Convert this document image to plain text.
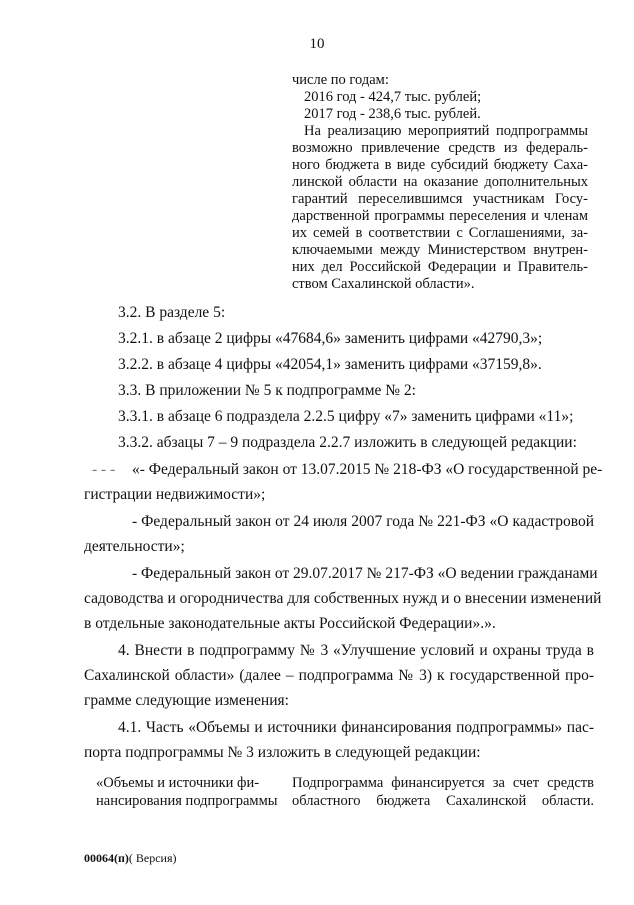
10

числе по годам:

2016 год - 424,7 тыс. рублей;

2017 год - 238,6 тыс. рублей.

На реализацию мероприятий подпрограммы

возможно привлечение средств из федераль-

ного бюджета в виде субсидий бюджету Саха-

линской области на оказание дополнительных

гарантий переселившимся участникам Госу-

дарственной программы переселения и членам

их семей в соответствии с Соглашениями, за-

ключаемыми между Министерством внутрен-

них дел Российской Федерации и Правитель-

ством Сахалинской области».

3.2. В разделе 5:
3.2.1. в абзаце 2 цифры «47684,6» заменить цифрами «42790,3»;
3.2.2. в абзаце 4 цифры «42054,1» заменить цифрами «37159,8».
3.3. В приложении № 5 к подпрограмме № 2:
3.3.1. в абзаце 6 подраздела 2.2.5 цифру «7» заменить цифрами «11»;
3.3.2. абзацы 7 – 9 подраздела 2.2.7 изложить в следующей редакции:
- - - «- Федеральный закон от 13.07.2015 № 218-ФЗ «О государственной ре-
гистрации недвижимости»;
- Федеральный закон от 24 июля 2007 года № 221-ФЗ «О кадастровой
деятельности»;
- Федеральный закон от 29.07.2017 № 217-ФЗ «О ведении гражданами
садоводства и огородничества для собственных нужд и о внесении изменений
в отдельные законодательные акты Российской Федерации».».
4. Внести в подпрограмму № 3 «Улучшение условий и охраны труда в
Сахалинской области» (далее – подпрограмма № 3) к государственной про-
грамме следующие изменения:
4.1. Часть «Объемы и источники финансирования подпрограммы» пас-
порта подпрограммы № 3 изложить в следующей редакции:
«Объемы и источники фи-
нансирования подпрограммы
Подпрограмма финансируется за счет средств
областного бюджета Сахалинской области.
00064(п)( Версия)
